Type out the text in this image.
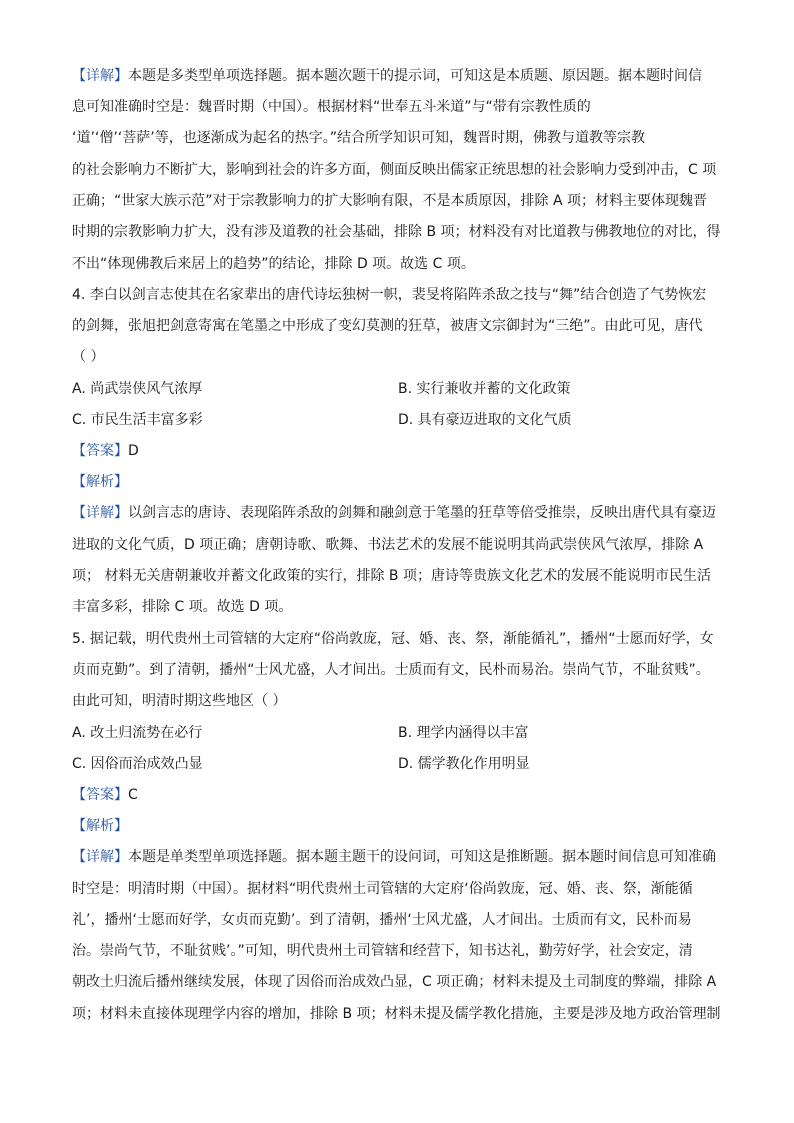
【详解】本题是多类型单项选择题。据本题次题干的提示词，可知这是本质题、原因题。据本题时间信
息可知准确时空是：魏晋时期（中国）。根据材料“世奉五斗米道”与“带有宗教性质的
‘道’‘僧’‘菩萨’等，也逐渐成为起名的热字。”结合所学知识可知，魏晋时期，佛教与道教等宗教
的社会影响力不断扩大，影响到社会的许多方面，侧面反映出儒家正统思想的社会影响力受到冲击，C 项
正确；“世家大族示范”对于宗教影响力的扩大影响有限，不是本质原因，排除 A 项；材料主要体现魏晋
时期的宗教影响力扩大，没有涉及道教的社会基础，排除 B 项；材料没有对比道教与佛教地位的对比，得
不出“体现佛教后来居上的趋势”的结论，排除 D 项。故选 C 项。
4. 李白以剑言志使其在名家辈出的唐代诗坛独树一帜，裴旻将陷阵杀敌之技与“舞”结合创造了气势恢宏
的剑舞，张旭把剑意寄寓在笔墨之中形成了变幻莫测的狂草，被唐文宗御封为“三绝”。由此可见，唐代
（ ）
A. 尚武崇侠风气浓厚	B. 实行兼收并蓄的文化政策
C. 市民生活丰富多彩	D. 具有豪迈进取的文化气质
【答案】D
【解析】
【详解】以剑言志的唐诗、表现陷阵杀敌的剑舞和融剑意于笔墨的狂草等倍受推崇，反映出唐代具有豪迈
进取的文化气质，D 项正确；唐朝诗歌、歌舞、书法艺术的发展不能说明其尚武崇侠风气浓厚，排除 A
项； 材料无关唐朝兼收并蓄文化政策的实行，排除 B 项；唐诗等贵族文化艺术的发展不能说明市民生活
丰富多彩，排除 C 项。故选 D 项。
5. 据记载，明代贵州土司管辖的大定府“俗尚敦庞，冠、婚、丧、祭，渐能循礼”，播州“士愿而好学，女
贞而克勤”。到了清朝，播州“士风尤盛，人才间出。士质而有文，民朴而易治。崇尚气节，不耻贫贱”。
由此可知，明清时期这些地区（ ）
A. 改土归流势在必行	B. 理学内涵得以丰富
C. 因俗而治成效凸显	D. 儒学教化作用明显
【答案】C
【解析】
【详解】本题是单类型单项选择题。据本题主题干的设问词，可知这是推断题。据本题时间信息可知准确
时空是：明清时期（中国）。据材料“明代贵州土司管辖的大定府‘俗尚敦庞，冠、婚、丧、祭，渐能循
礼’，播州‘士愿而好学，女贞而克勤’。到了清朝，播州‘士风尤盛，人才间出。士质而有文，民朴而易
治。崇尚气节，不耻贫贱’。”可知，明代贵州土司管辖和经营下，知书达礼，勤劳好学，社会安定，清
朝改土归流后播州继续发展，体现了因俗而治成效凸显，C 项正确；材料未提及土司制度的弊端，排除 A
项；材料未直接体现理学内容的增加，排除 B 项；材料未提及儒学教化措施，主要是涉及地方政治管理制
